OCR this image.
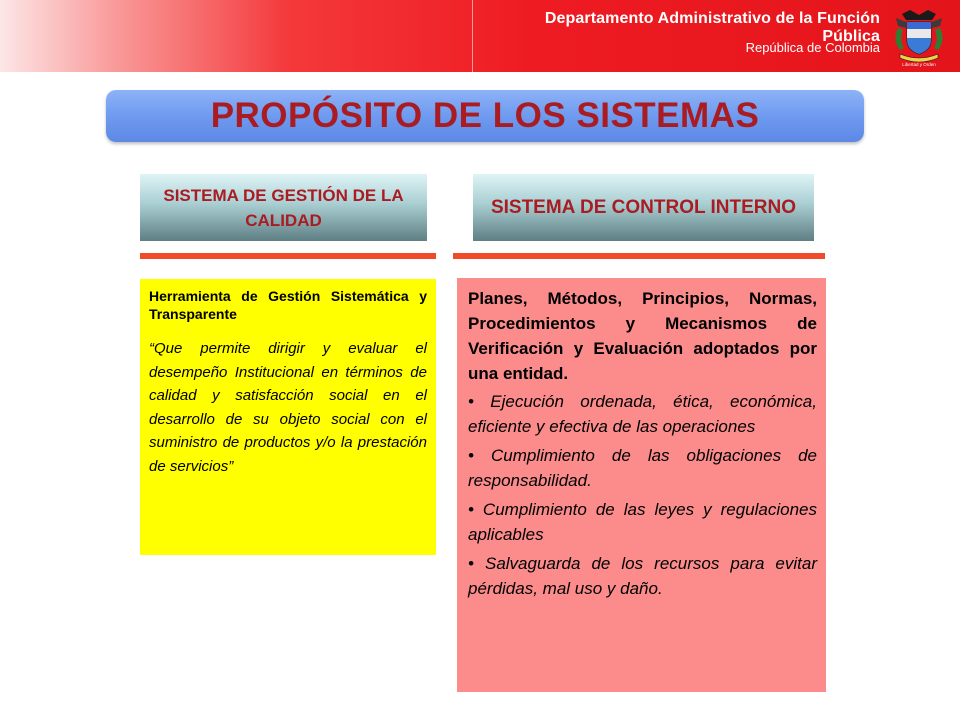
Departamento Administrativo de la Función Pública
República de Colombia
Libertad y Orden
PROPÓSITO DE LOS SISTEMAS
SISTEMA DE GESTIÓN DE LA CALIDAD
SISTEMA DE CONTROL INTERNO

Herramienta de Gestión Sistemática y Transparente

“Que permite dirigir y evaluar el desempeño Institucional en términos de calidad y satisfacción social en el desarrollo de su objeto social con el suministro de productos y/o la prestación de servicios”

Planes, Métodos, Principios, Normas, Procedimientos y Mecanismos de Verificación y Evaluación adoptados por una entidad.

• Ejecución ordenada, ética, económica, eficiente y efectiva de las operaciones

• Cumplimiento de las obligaciones de responsabilidad.

• Cumplimiento de las leyes y regulaciones aplicables

• Salvaguarda de los recursos para evitar pérdidas, mal uso y daño.
